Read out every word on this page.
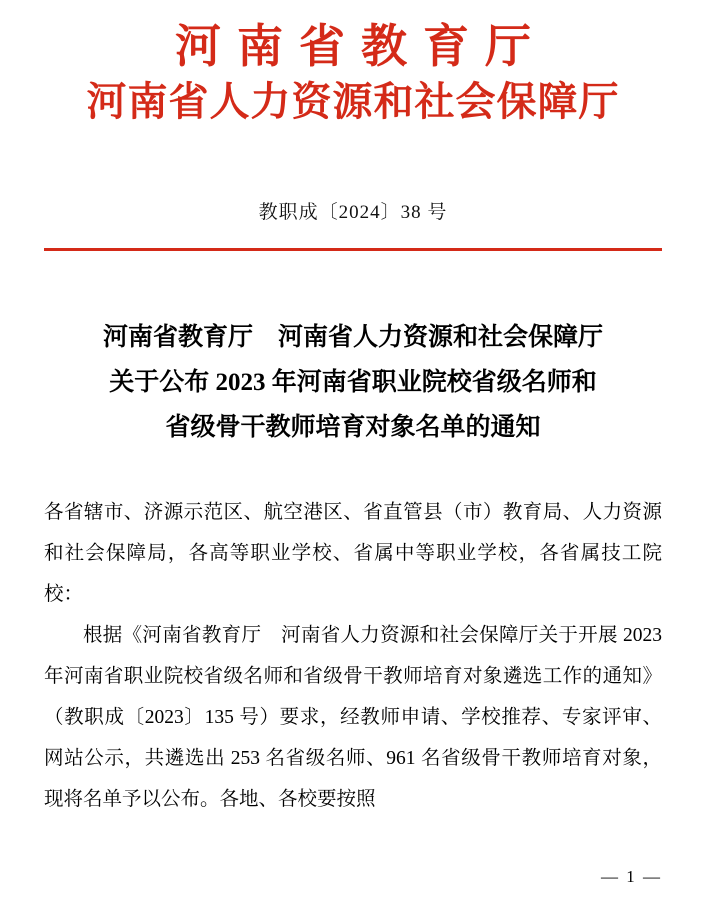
河南省教育厅
河南省人力资源和社会保障厅
教职成〔2024〕38 号
河南省教育厅　河南省人力资源和社会保障厅
关于公布 2023 年河南省职业院校省级名师和
省级骨干教师培育对象名单的通知

各省辖市、济源示范区、航空港区、省直管县（市）教育局、人力资源和社会保障局，各高等职业学校、省属中等职业学校，各省属技工院校：

根据《河南省教育厅　河南省人力资源和社会保障厅关于开展 2023 年河南省职业院校省级名师和省级骨干教师培育对象遴选工作的通知》（教职成〔2023〕135 号）要求，经教师申请、学校推荐、专家评审、网站公示，共遴选出 253 名省级名师、961 名省级骨干教师培育对象，现将名单予以公布。各地、各校要按照

— 1 —
